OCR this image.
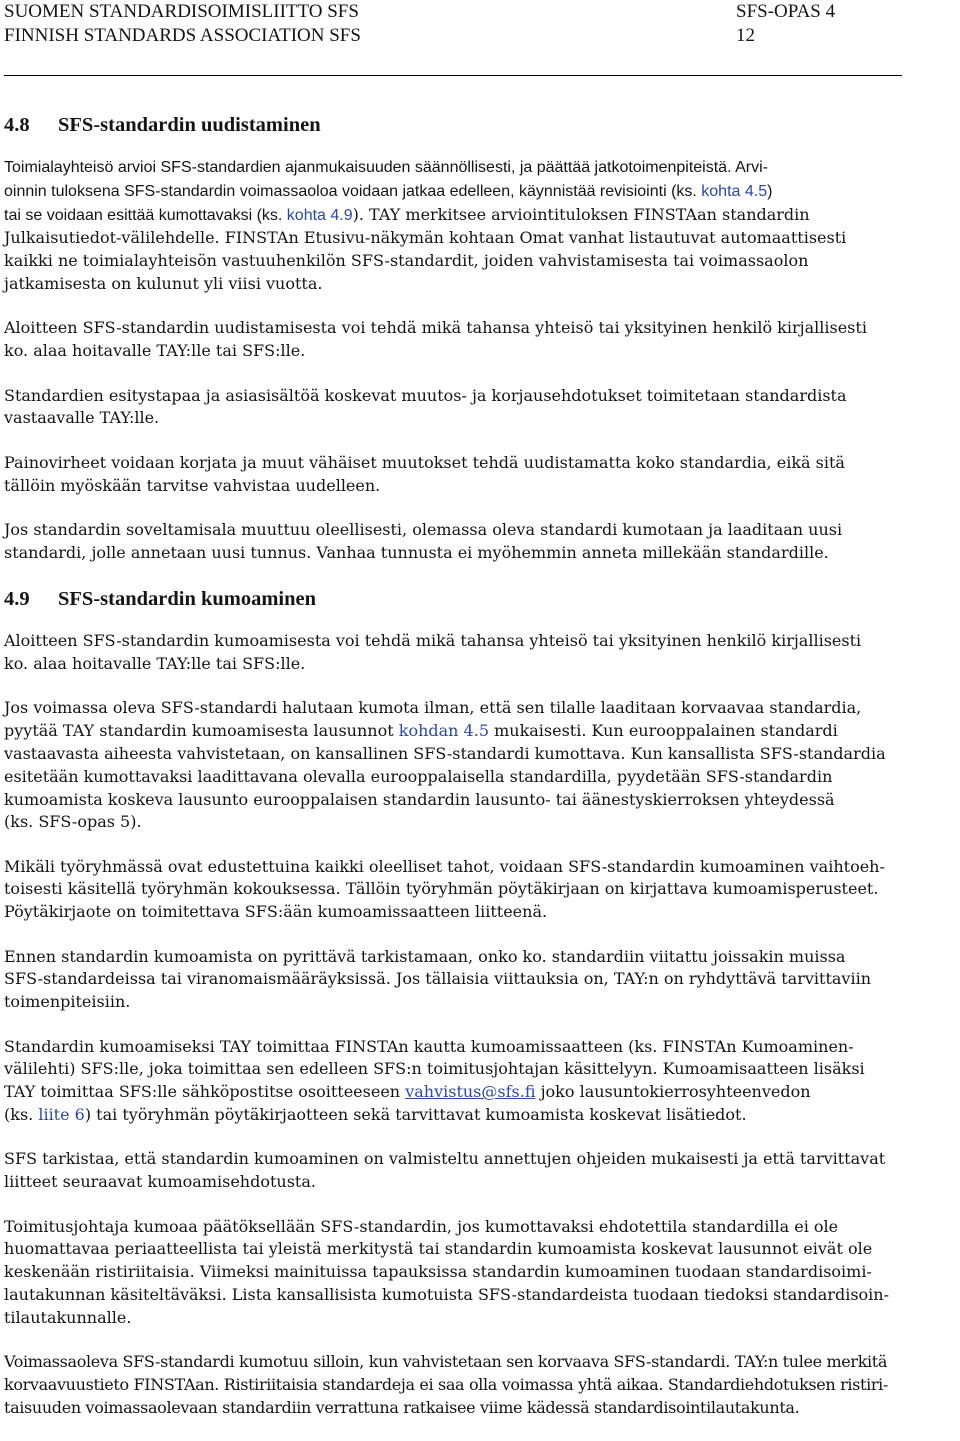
SUOMEN STANDARDISOIMISLIITTO SFS	SFS-OPAS 4
FINNISH STANDARDS ASSOCIATION SFS	12
4.8 SFS-standardin uudistaminen

Toimialayhteisö arvioi SFS-standardien ajanmukaisuuden säännöllisesti, ja päättää jatkotoimenpiteistä. Arvi-
oinnin tuloksena SFS-standardin voimassaoloa voidaan jatkaa edelleen, käynnistää revisiointi (ks. kohta 4.5)
tai se voidaan esittää kumottavaksi (ks. kohta 4.9). TAY merkitsee arviointituloksen FINSTAan standardin
Julkaisutiedot-välilehdelle. FINSTAn Etusivu-näkymän kohtaan Omat vanhat listautuvat automaattisesti
kaikki ne toimialayhteisön vastuuhenkilön SFS-standardit, joiden vahvistamisesta tai voimassaolon
jatkamisesta on kulunut yli viisi vuotta.

Aloitteen SFS-standardin uudistamisesta voi tehdä mikä tahansa yhteisö tai yksityinen henkilö kirjallisesti
ko. alaa hoitavalle TAY:lle tai SFS:lle.

Standardien esitystapaa ja asiasisältöä koskevat muutos- ja korjausehdotukset toimitetaan standardista
vastaavalle TAY:lle.

Painovirheet voidaan korjata ja muut vähäiset muutokset tehdä uudistamatta koko standardia, eikä sitä
tällöin myöskään tarvitse vahvistaa uudelleen.

Jos standardin soveltamisala muuttuu oleellisesti, olemassa oleva standardi kumotaan ja laaditaan uusi
standardi, jolle annetaan uusi tunnus. Vanhaa tunnusta ei myöhemmin anneta millekään standardille.

4.9 SFS-standardin kumoaminen

Aloitteen SFS-standardin kumoamisesta voi tehdä mikä tahansa yhteisö tai yksityinen henkilö kirjallisesti
ko. alaa hoitavalle TAY:lle tai SFS:lle.

Jos voimassa oleva SFS-standardi halutaan kumota ilman, että sen tilalle laaditaan korvaavaa standardia,
pyytää TAY standardin kumoamisesta lausunnot kohdan 4.5 mukaisesti. Kun eurooppalainen standardi
vastaavasta aiheesta vahvistetaan, on kansallinen SFS-standardi kumottava. Kun kansallista SFS-standardia
esitetään kumottavaksi laadittavana olevalla eurooppalaisella standardilla, pyydetään SFS-standardin
kumoamista koskeva lausunto eurooppalaisen standardin lausunto- tai äänestyskierroksen yhteydessä
(ks. SFS-opas 5).

Mikäli työryhmässä ovat edustettuina kaikki oleelliset tahot, voidaan SFS-standardin kumoaminen vaihtoeh-
toisesti käsitellä työryhmän kokouksessa. Tällöin työryhmän pöytäkirjaan on kirjattava kumoamisperusteet.
Pöytäkirjaote on toimitettava SFS:ään kumoamissaatteen liitteenä.

Ennen standardin kumoamista on pyrittävä tarkistamaan, onko ko. standardiin viitattu joissakin muissa
SFS-standardeissa tai viranomaismääräyksissä. Jos tällaisia viittauksia on, TAY:n on ryhdyttävä tarvittaviin
toimenpiteisiin.

Standardin kumoamiseksi TAY toimittaa FINSTAn kautta kumoamissaatteen (ks. FINSTAn Kumoaminen-
välilehti) SFS:lle, joka toimittaa sen edelleen SFS:n toimitusjohtajan käsittelyyn. Kumoamisaatteen lisäksi
TAY toimittaa SFS:lle sähköpostitse osoitteeseen vahvistus@sfs.fi joko lausuntokierrosyhteenvedon
(ks. liite 6) tai työryhmän pöytäkirjaotteen sekä tarvittavat kumoamista koskevat lisätiedot.

SFS tarkistaa, että standardin kumoaminen on valmisteltu annettujen ohjeiden mukaisesti ja että tarvittavat
liitteet seuraavat kumoamisehdotusta.

Toimitusjohtaja kumoaa päätöksellään SFS-standardin, jos kumottavaksi ehdotettila standardilla ei ole
huomattavaa periaatteellista tai yleistä merkitystä tai standardin kumoamista koskevat lausunnot eivät ole
keskenään ristiriitaisia. Viimeksi mainituissa tapauksissa standardin kumoaminen tuodaan standardisoimi-
lautakunnan käsiteltäväksi. Lista kansallisista kumotuista SFS-standardeista tuodaan tiedoksi standardisoin-
tilautakunnalle.

Voimassaoleva SFS-standardi kumotuu silloin, kun vahvistetaan sen korvaava SFS-standardi. TAY:n tulee merkitä
korvaavuustieto FINSTAan. Ristiriitaisia standardeja ei saa olla voimassa yhtä aikaa. Standardiehdotuksen ristiri-
taisuuden voimassaolevaan standardiin verrattuna ratkaisee viime kädessä standardisointilautakunta.
